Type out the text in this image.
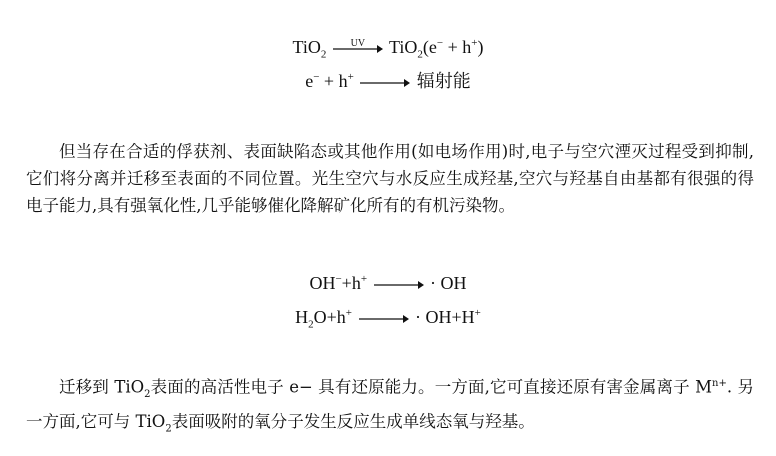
TiO$_2$
UV	TiO$_2$(e− + h+)
e− + h+	辐射能

但当存在合适的俘获剂、表面缺陷态或其他作用(如电场作用)时,电子与空穴湮灭过程受到抑制,它们将分离并迁移至表面的不同位置。光生空穴与水反应生成羟基,空穴与羟基自由基都有很强的得电子能力,具有强氧化性,几乎能够催化降解矿化所有的有机污染物。

OH−+h+	· OH
$H_2O+h^+$	· OH+H+

迁移到 TiO$_2$表面的高活性电子 e− 具有还原能力。一方面,它可直接还原有害金属离子 $M^{n+}$. 另一方面,它可与 TiO$_2$表面吸附的氧分子发生反应生成单线态氧与羟基。
